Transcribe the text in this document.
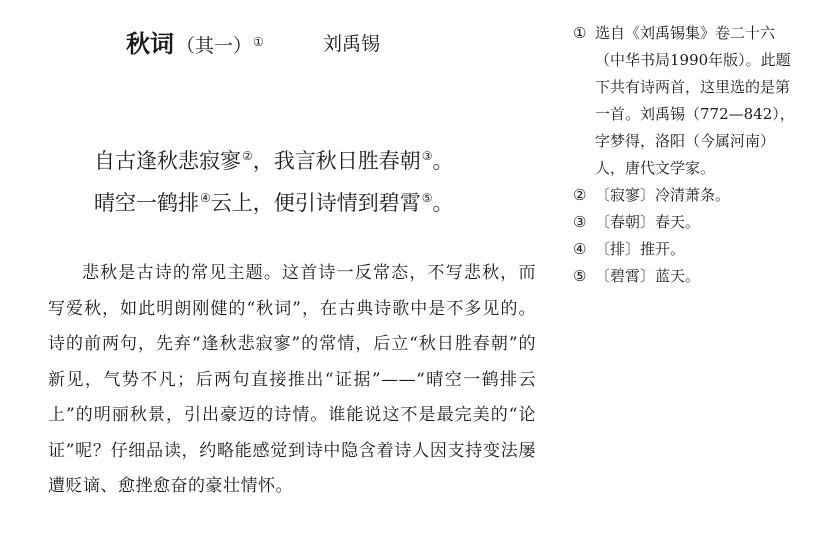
秋词 （其一）①	刘禹锡
自古逢秋悲寂寥②，我言秋日胜春朝③。
晴空一鹤排④云上，便引诗情到碧霄⑤。

悲秋是古诗的常见主题。这首诗一反常态，不写悲秋，而写爱秋，如此明朗刚健的“秋词”，在古典诗歌中是不多见的。诗的前两句，先弃“逢秋悲寂寥”的常情，后立“秋日胜春朝”的新见，气势不凡；后两句直接推出“证据”——“晴空一鹤排云上”的明丽秋景，引出豪迈的诗情。谁能说这不是最完美的“论证”呢？仔细品读，约略能感觉到诗中隐含着诗人因支持变法屡遭贬谪、愈挫愈奋的豪壮情怀。

① 选自《刘禹锡集》卷二十六（中华书局1990年版）。此题下共有诗两首，这里选的是第一首。刘禹锡（772—842），字梦得，洛阳（今属河南）人，唐代文学家。
② 〔寂寥〕冷清萧条。
③ 〔春朝〕春天。
④ 〔排〕推开。
⑤ 〔碧霄〕蓝天。
